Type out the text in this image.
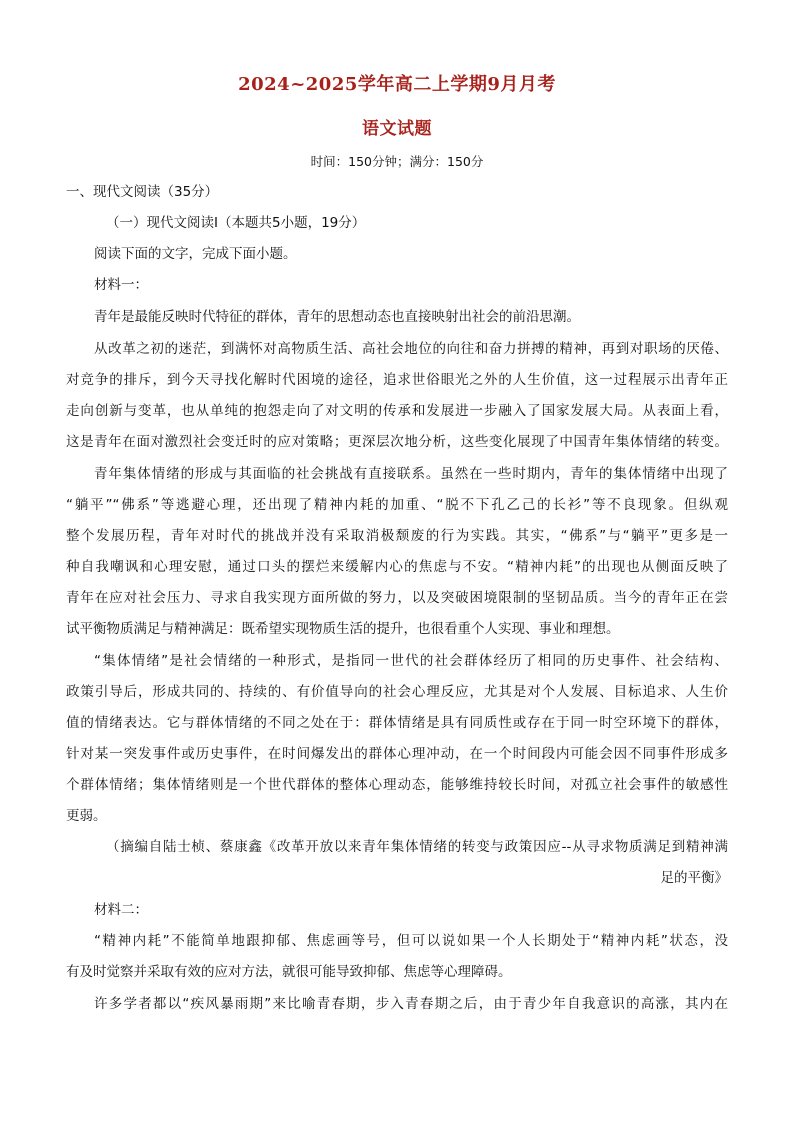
2024~2025学年高二上学期9月月考
语文试题
时间：150分钟；满分：150分
一、现代文阅读（35分）
（一）现代文阅读I（本题共5小题，19分）
阅读下面的文字，完成下面小题。
材料一：
青年是最能反映时代特征的群体，青年的思想动态也直接映射出社会的前沿思潮。
从改革之初的迷茫，到满怀对高物质生活、高社会地位的向往和奋力拼搏的精神，再到对职场的厌倦、
对竞争的排斥，到今天寻找化解时代困境的途径，追求世俗眼光之外的人生价值，这一过程展示出青年正
走向创新与变革，也从单纯的抱怨走向了对文明的传承和发展进一步融入了国家发展大局。从表面上看，
这是青年在面对激烈社会变迁时的应对策略；更深层次地分析，这些变化展现了中国青年集体情绪的转变。
青年集体情绪的形成与其面临的社会挑战有直接联系。虽然在一些时期内，青年的集体情绪中出现了
“躺平”“佛系”等逃避心理，还出现了精神内耗的加重、“脱不下孔乙己的长衫”等不良现象。但纵观
整个发展历程，青年对时代的挑战并没有采取消极颓废的行为实践。其实，“佛系”与“躺平”更多是一
种自我嘲讽和心理安慰，通过口头的摆烂来缓解内心的焦虑与不安。“精神内耗”的出现也从侧面反映了
青年在应对社会压力、寻求自我实现方面所做的努力，以及突破困境限制的坚韧品质。当今的青年正在尝
试平衡物质满足与精神满足：既希望实现物质生活的提升，也很看重个人实现、事业和理想。
“集体情绪”是社会情绪的一种形式，是指同一世代的社会群体经历了相同的历史事件、社会结构、
政策引导后，形成共同的、持续的、有价值导向的社会心理反应，尤其是对个人发展、目标追求、人生价
值的情绪表达。它与群体情绪的不同之处在于：群体情绪是具有同质性或存在于同一时空环境下的群体，
针对某一突发事件或历史事件，在时间爆发出的群体心理冲动，在一个时间段内可能会因不同事件形成多
个群体情绪；集体情绪则是一个世代群体的整体心理动态，能够维持较长时间，对孤立社会事件的敏感性
更弱。
（摘编自陆士桢、蔡康鑫《改革开放以来青年集体情绪的转变与政策因应--从寻求物质满足到精神满
足的平衡》
材料二：
“精神内耗”不能简单地跟抑郁、焦虑画等号，但可以说如果一个人长期处于“精神内耗”状态，没
有及时觉察并采取有效的应对方法，就很可能导致抑郁、焦虑等心理障碍。
许多学者都以“疾风暴雨期”来比喻青春期，步入青春期之后，由于青少年自我意识的高涨，其内在
